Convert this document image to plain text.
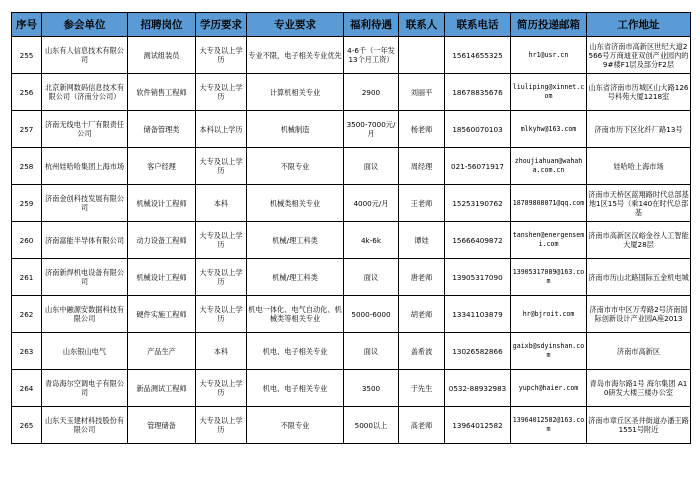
序号	参会单位	招聘岗位	学历要求	专业要求	福利待遇	联系人	联系电话	简历投递邮箱	工作地址
255	山东有人信息技术有限公司	测试组装员	大专及以上学历	专业不限，电子相关专业优先	4-6千（一年发13个月工资）		15614655325	hr1@usr.cn	山东省济南市高新区世纪大道2566号万商迪亚双创产业园内的9#楼F1层及部分F2层
256	北京新网数码信息技术有限公司（济南分公司）	软件销售工程师	大专及以上学历	计算机相关专业	2900	刘丽平	18678835676	liuliping@xinnet.com	山东省济南市历城区山大路126号科苑大厦1218室
257	济南无线电十厂有限责任公司	储备管理类	本科以上学历	机械制造	3500-7000元/月	杨老师	18560070103	mlkyhw@163.com	济南市历下区化纤厂路13号
258	杭州娃哈哈集团上海市场	客户经理	大专及以上学历	不限专业	面议	周经理	021-56071917	zhoujiahuan@wahaha.com.cn	娃哈哈上海市场
259	济南金创科技发展有限公司	机械设计工程师	本科	机械类相关专业	4000元/月	王老师	15253190762	18789808071@qq.com	济南市天桥区蓝翔路时代总部基地1区15号（乘140在时代总部基
260	济南富能半导体有限公司	动力设备工程师	大专及以上学历	机械/理工科类	4k-6k	谭娃	15666409872	tanshen@energensemi.com	济南市高新区汉峪金谷人工智能大厦28层
261	济南新焊机电设备有限公司	机械设计工程师	大专及以上学历	机械/理工科类	面议	唐老师	13905317090	13905317089@163.com	济南市历山北路国际五金机电城
262	山东中融源安数据科技有限公司	硬件实施工程师	大专及以上学历	机电一体化、电气自动化、机械类等相关专业	5000-6000	胡老师	13341103879	hr@bjroit.com	济南市市中区万寿路2号济南国际创新设计产业园A座2013
263	山东银山电气	产品生产	本科	机电、电子相关专业	面议	盖希波	13026582866	gaixb@sdyinshan.com	济南市高新区
264	青岛海尔空调电子有限公司	新品测试工程师	大专及以上学历	机电、电子相关专业	3500	于先生	0532-88932983	yupch@haier.com	青岛市海尔路1号 海尔集团 A10研发大楼三楼办公室
265	山东天玉建材科技股份有限公司	管理储备	大专及以上学历	不限专业	5000以上	高老师	13964012582	13964012582@163.com	济南市章丘区圣井街道办潘王路1551号附近
